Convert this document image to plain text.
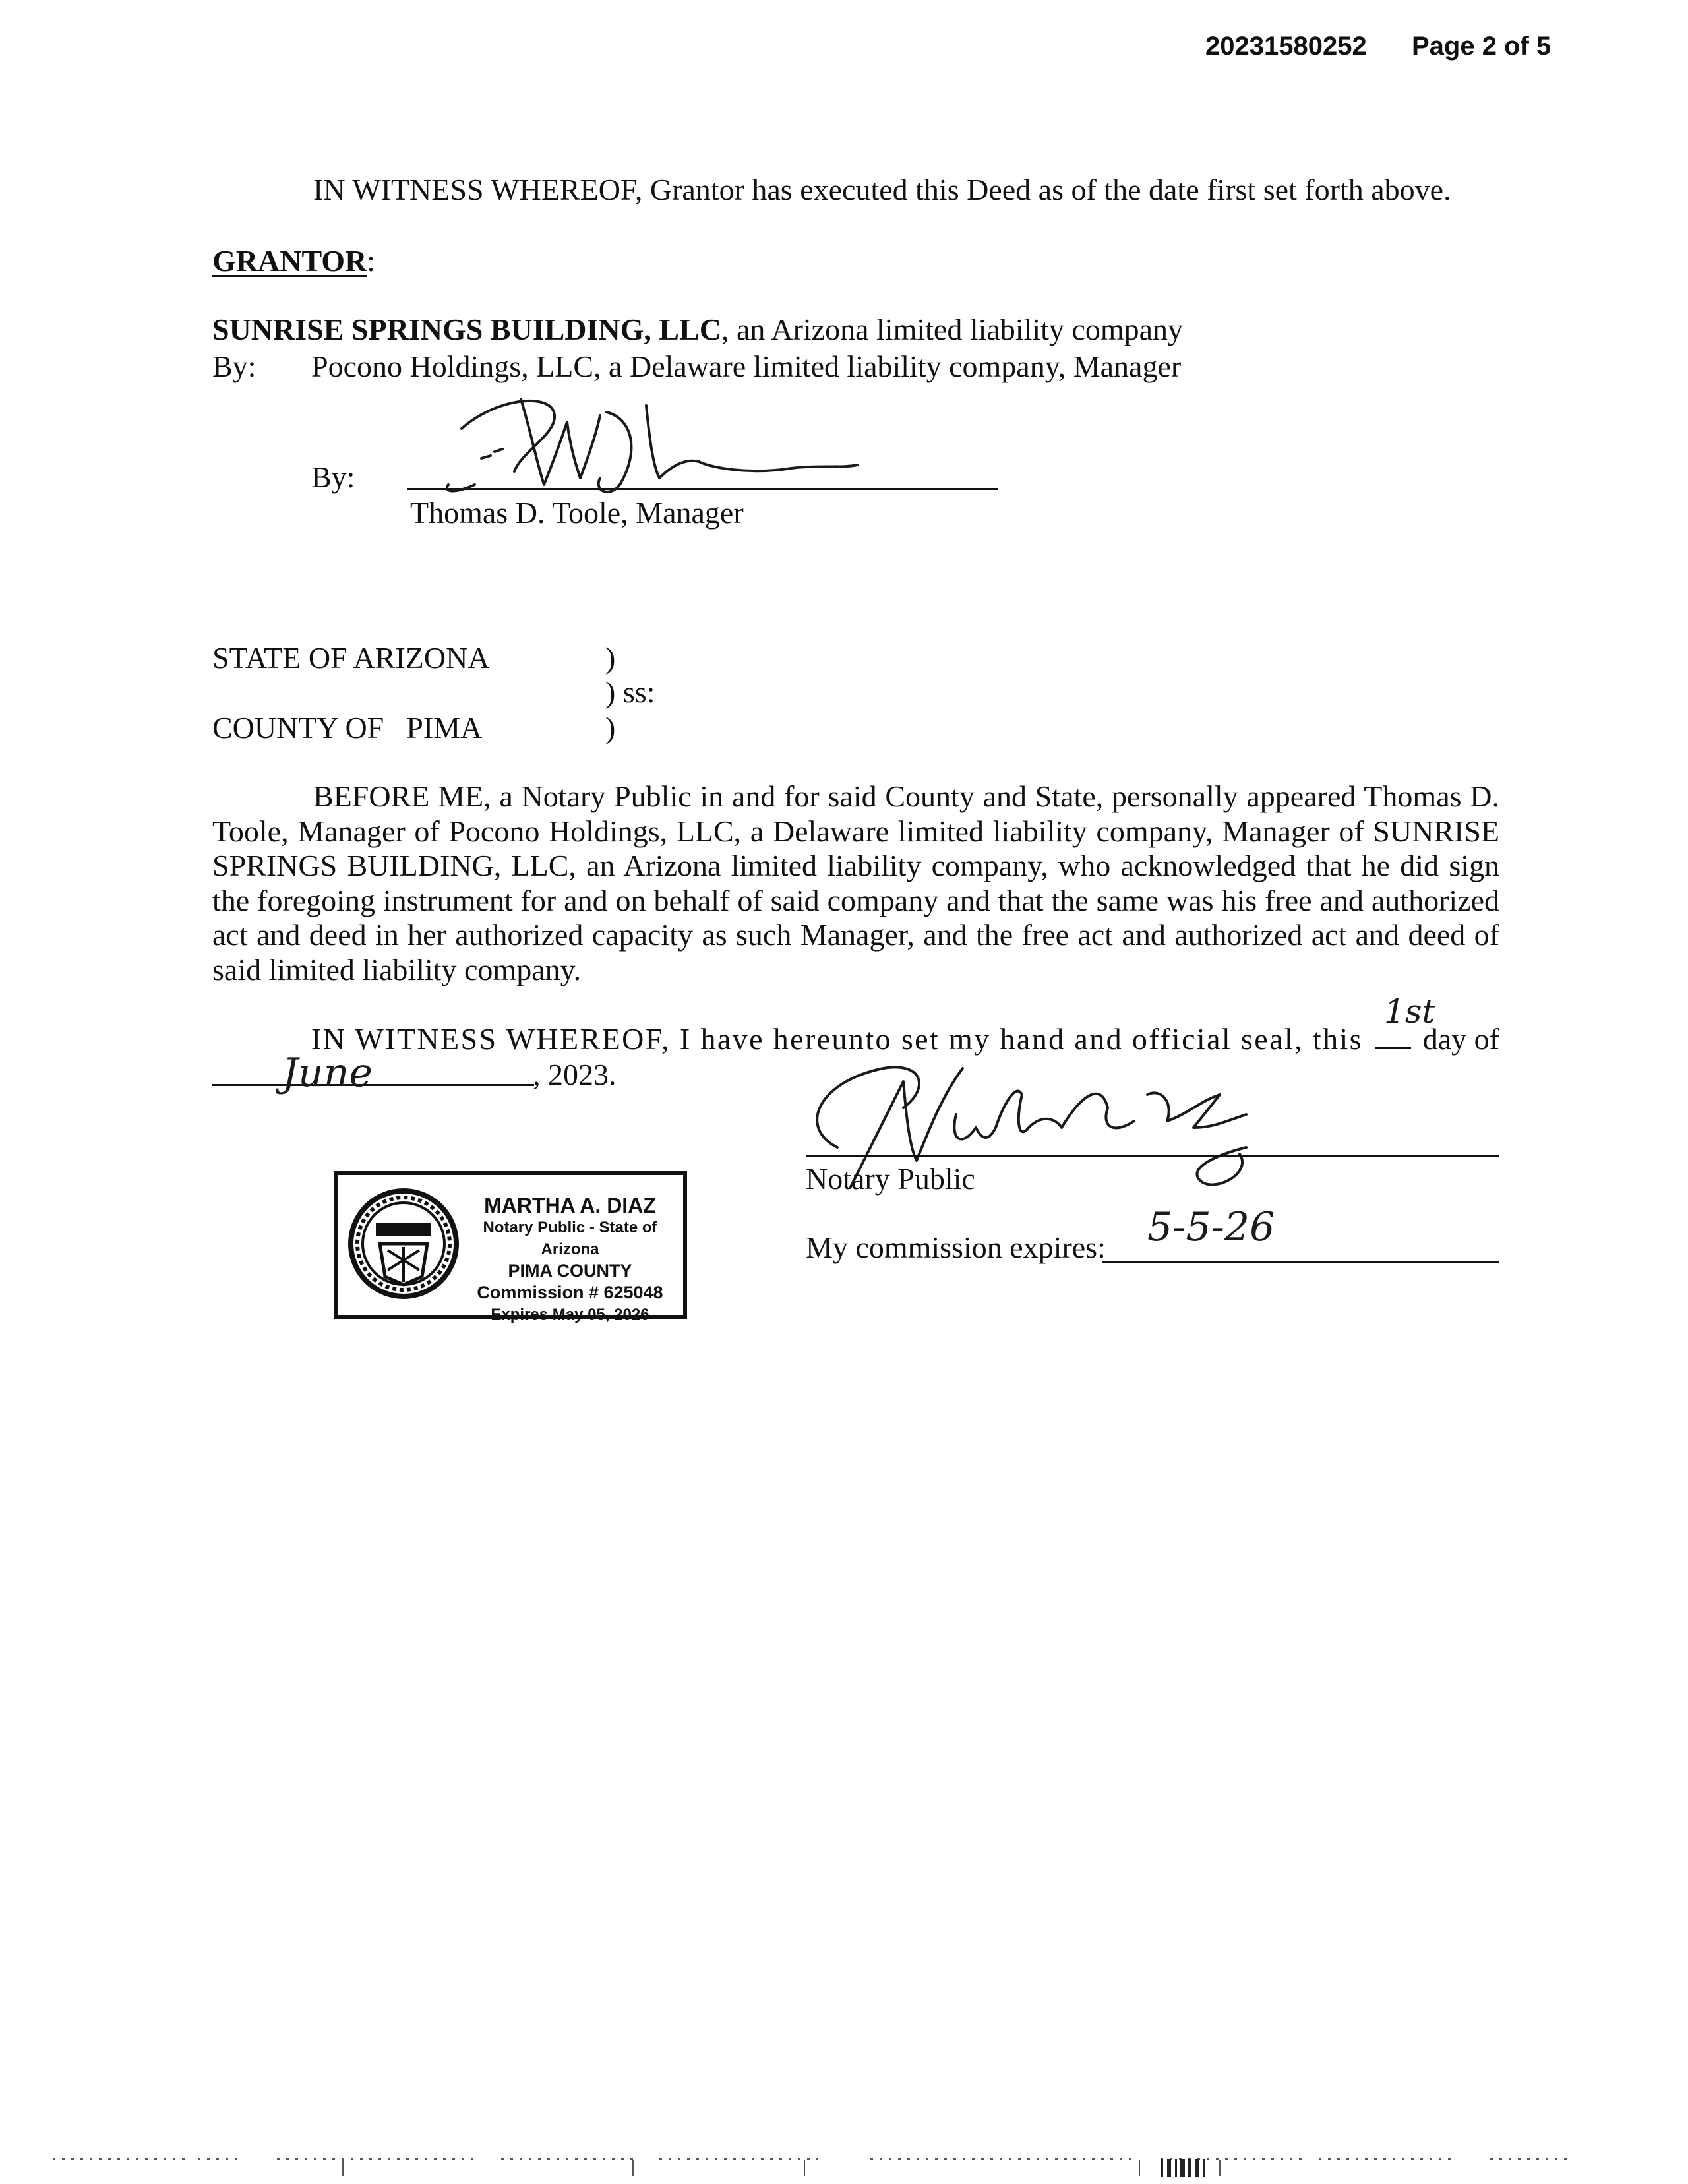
20231580252 Page 2 of 5
IN WITNESS WHEREOF, Grantor has executed this Deed as of the date first set forth above.
GRANTOR:
SUNRISE SPRINGS BUILDING, LLC, an Arizona limited liability company
By: Pocono Holdings, LLC, a Delaware limited liability company, Manager
By:
Thomas D. Toole, Manager
STATE OF ARIZONA
COUNTY OF PIMA
)
) ss:
)
BEFORE ME, a Notary Public in and for said County and State, personally appeared Thomas D. Toole, Manager of Pocono Holdings, LLC, a Delaware limited liability company, Manager of SUNRISE SPRINGS BUILDING, LLC, an Arizona limited liability company, who acknowledged that he did sign the foregoing instrument for and on behalf of said company and that the same was his free and authorized act and deed in her authorized capacity as such Manager, and the free act and authorized act and deed of said limited liability company.
IN WITNESS WHEREOF, I have hereunto set my hand and official seal, this
1st
day of
June	, 2023.
Notary Public
My commission expires: 5-5-26
MARTHA A. DIAZ
Notary Public - State of Arizona
PIMA COUNTY
Commission # 625048
Expires May 05, 2026
